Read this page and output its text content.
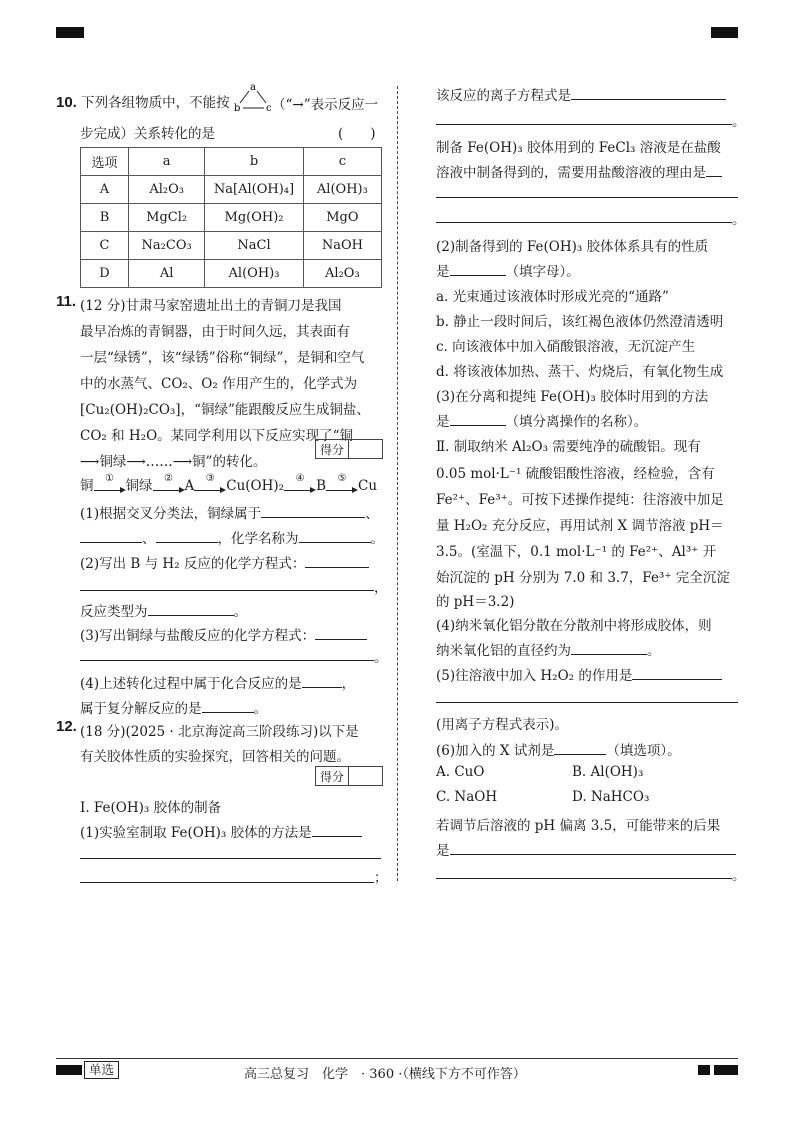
10. 下列各组物质中，不能按
a
b	c （“→”表示反应一
步完成）关系转化的是	(　　)
选项	a	b	c
A	Al₂O₃	Na[Al(OH)₄]	Al(OH)₃
B	MgCl₂	Mg(OH)₂	MgO
C	Na₂CO₃	NaCl	NaOH
D	Al	Al(OH)₃	Al₂O₃
11. (12 分)甘肃马家窑遗址出土的青铜刀是我国
最早冶炼的青铜器，由于时间久远，其表面有
一层“绿锈”，该“绿锈”俗称“铜绿”，是铜和空气
中的水蒸气、CO₂、O₂ 作用产生的，化学式为
[Cu₂(OH)₂CO₃]，“铜绿”能跟酸反应生成铜盐、
CO₂ 和 H₂O。某同学利用以下反应实现了“铜
⟶铜绿⟶……⟶铜”的转化。
得分
铜	① 铜绿	② A	③ Cu(OH)₂	④ B	⑤ Cu
(1)根据交叉分类法，铜绿属于	、
、	，化学名称为	。
(2)写出 B 与 H₂ 反应的化学方程式：
，
反应类型为	。
(3)写出铜绿与盐酸反应的化学方程式：
。
(4)上述转化过程中属于化合反应的是	，
属于复分解反应的是	。
12. (18 分)(2025 · 北京海淀高三阶段练习)以下是
有关胶体性质的实验探究，回答相关的问题。
得分
Ⅰ. Fe(OH)₃ 胶体的制备
(1)实验室制取 Fe(OH)₃ 胶体的方法是
；
该反应的离子方程式是
。
制备 Fe(OH)₃ 胶体用到的 FeCl₃ 溶液是在盐酸
溶液中制备得到的，需要用盐酸溶液的理由是
。
(2)制备得到的 Fe(OH)₃ 胶体体系具有的性质
是	（填字母）。
a. 光束通过该液体时形成光亮的“通路”
b. 静止一段时间后，该红褐色液体仍然澄清透明
c. 向该液体中加入硝酸银溶液，无沉淀产生
d. 将该液体加热、蒸干、灼烧后，有氧化物生成
(3)在分离和提纯 Fe(OH)₃ 胶体时用到的方法
是	（填分离操作的名称）。
Ⅱ. 制取纳米 Al₂O₃ 需要纯净的硫酸铝。现有
0.05 mol·L⁻¹ 硫酸铝酸性溶液，经检验，含有
Fe²⁺、Fe³⁺。可按下述操作提纯：往溶液中加足
量 H₂O₂ 充分反应，再用试剂 X 调节溶液 pH＝
3.5。(室温下，0.1 mol·L⁻¹ 的 Fe²⁺、Al³⁺ 开
始沉淀的 pH 分别为 7.0 和 3.7，Fe³⁺ 完全沉淀
的 pH＝3.2)
(4)纳米氧化铝分散在分散剂中将形成胶体，则
纳米氧化铝的直径约为	。
(5)往溶液中加入 H₂O₂ 的作用是
(用离子方程式表示)。
(6)加入的 X 试剂是	（填选项）。
A. CuO	B. Al(OH)₃
C. NaOH	D. NaHCO₃
若调节后溶液的 pH 偏离 3.5，可能带来的后果
是
。
单选	高三总复习　化学　· 360 ·（横线下方不可作答）
